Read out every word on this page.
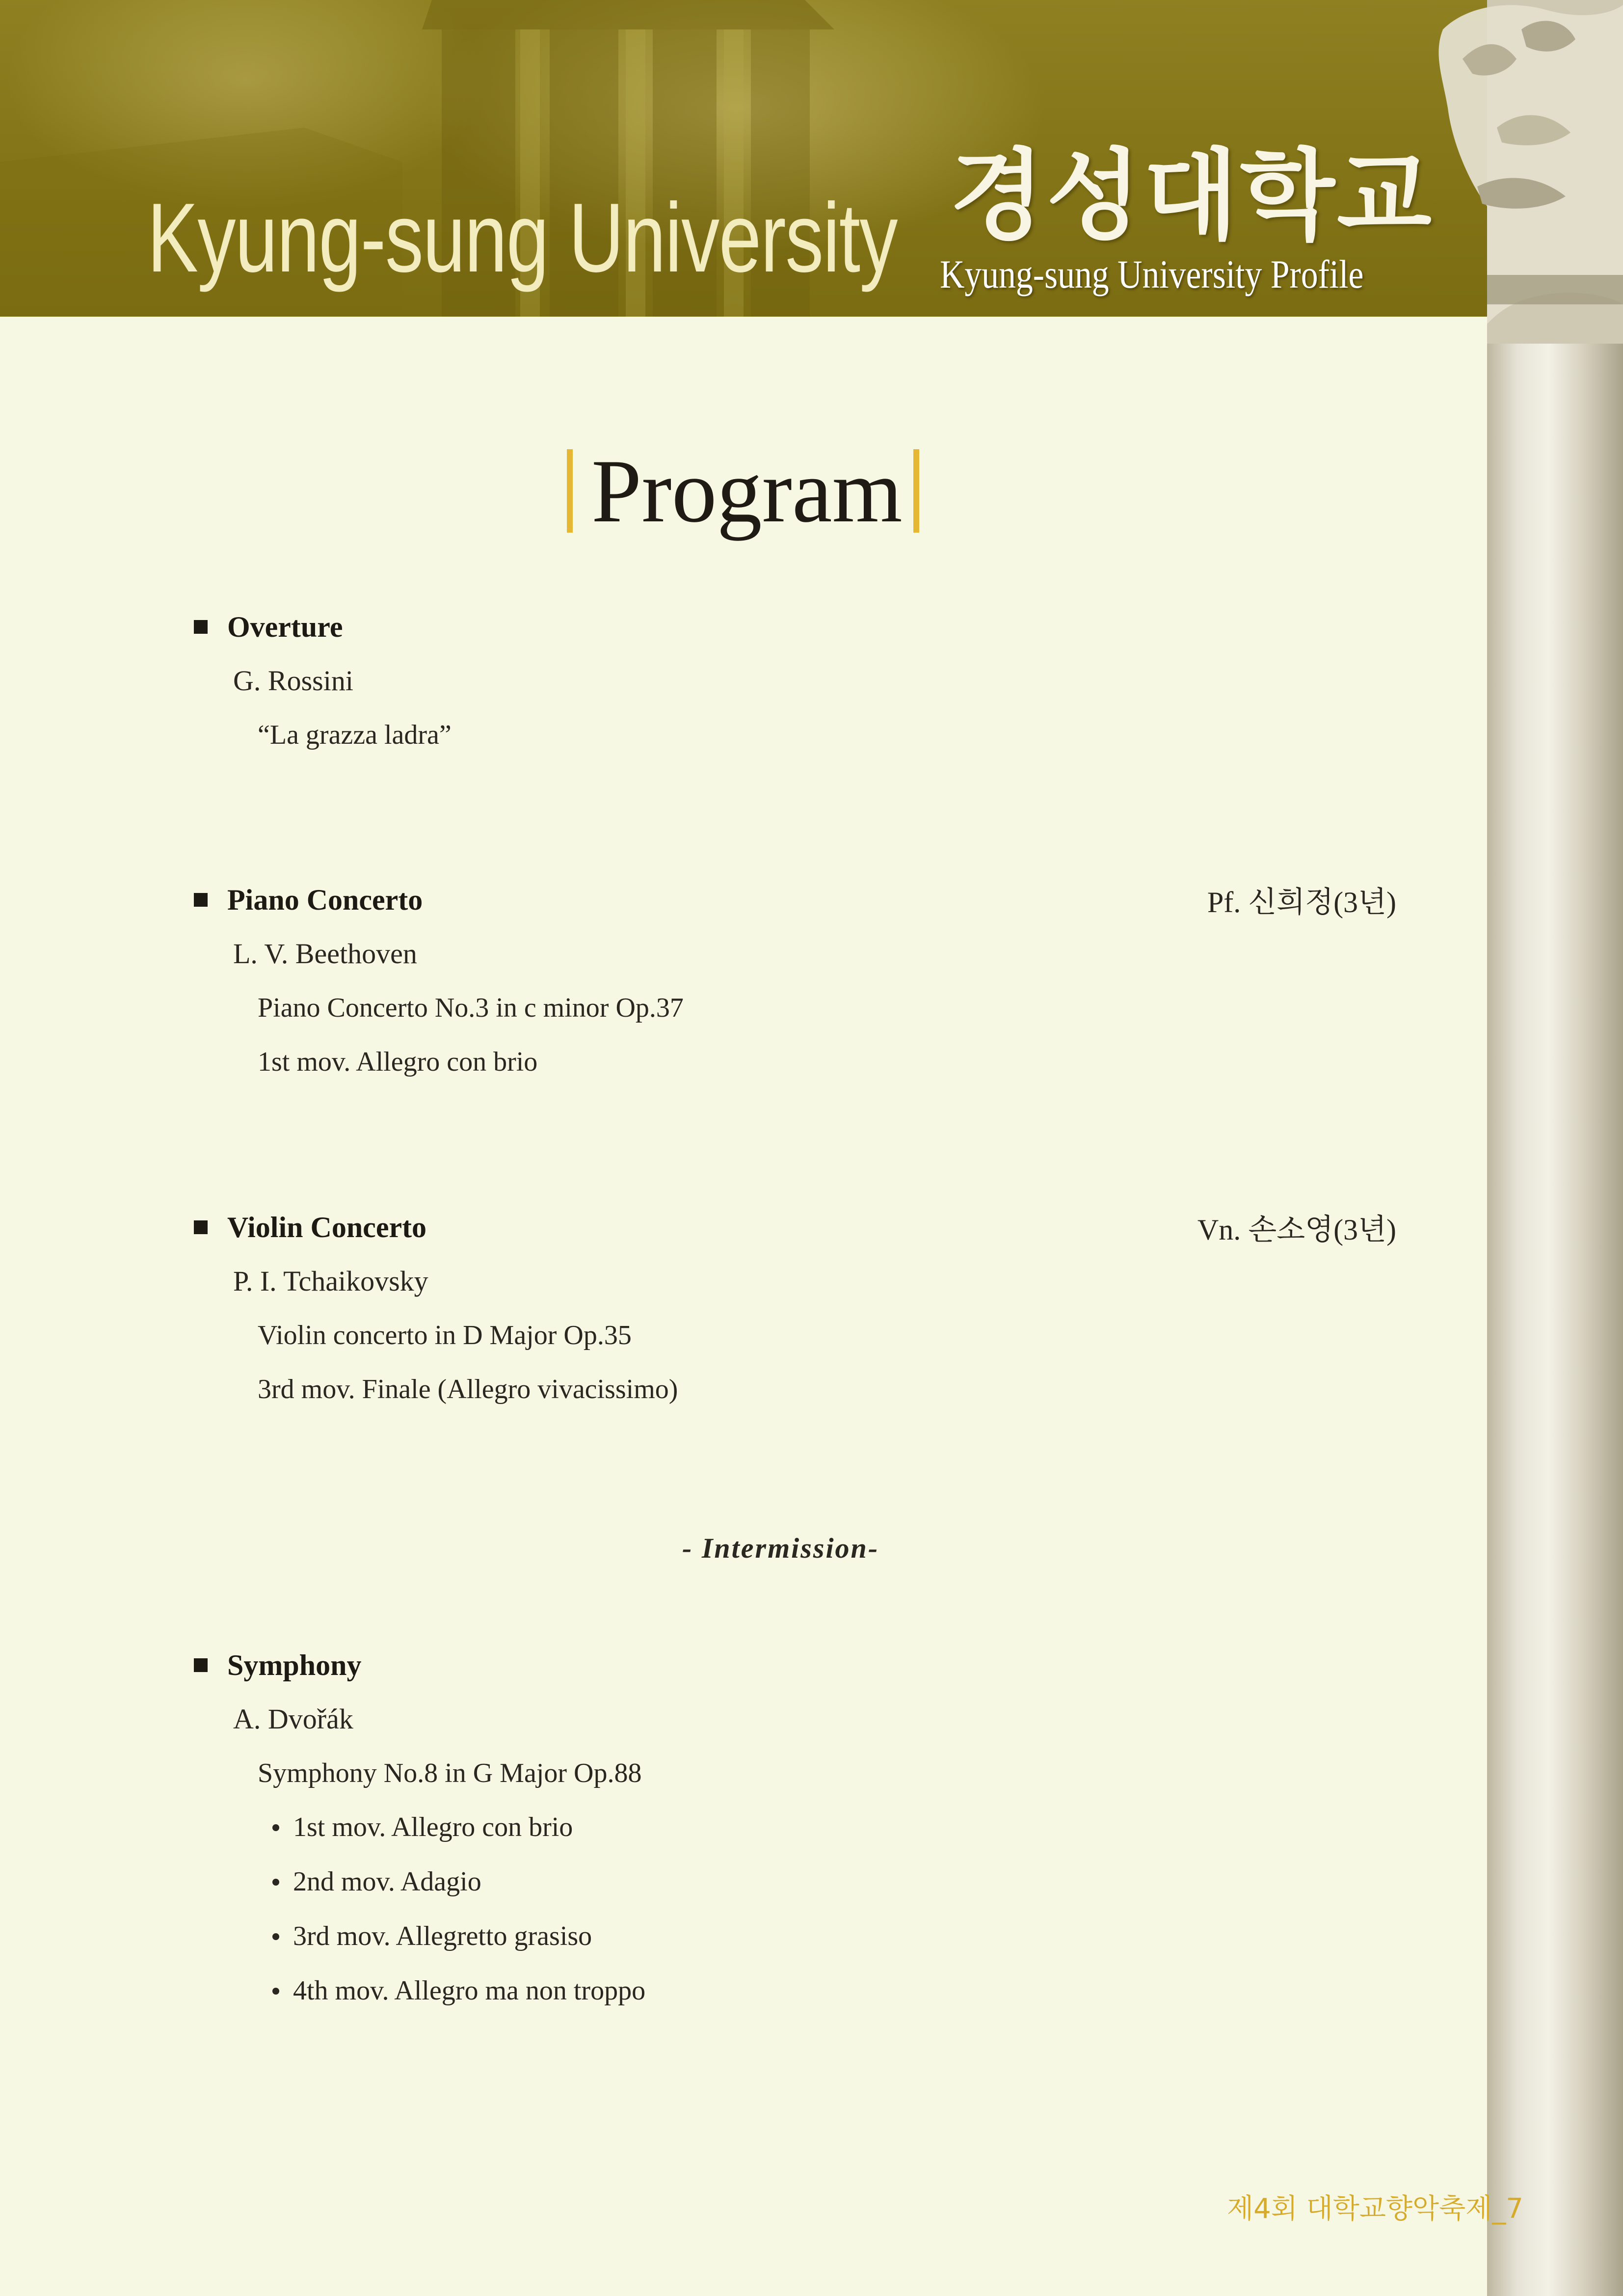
Kyung-sung University 경성대학교
Kyung-sung University Profile
Program
Overture
G. Rossini
“La grazza ladra”
Piano Concerto	Pf. 신희정(3년)
L. V. Beethoven
Piano Concerto No.3 in c minor Op.37
1st mov. Allegro con brio
Violin Concerto	Vn. 손소영(3년)
P. I. Tchaikovsky
Violin concerto in D Major Op.35
3rd mov. Finale (Allegro vivacissimo)
- Intermission-
Symphony
A. Dvořák
Symphony No.8 in G Major Op.88
1st mov. Allegro con brio
2nd mov. Adagio
3rd mov. Allegretto grasiso
4th mov. Allegro ma non troppo
제4회 대학교향악축제_7
